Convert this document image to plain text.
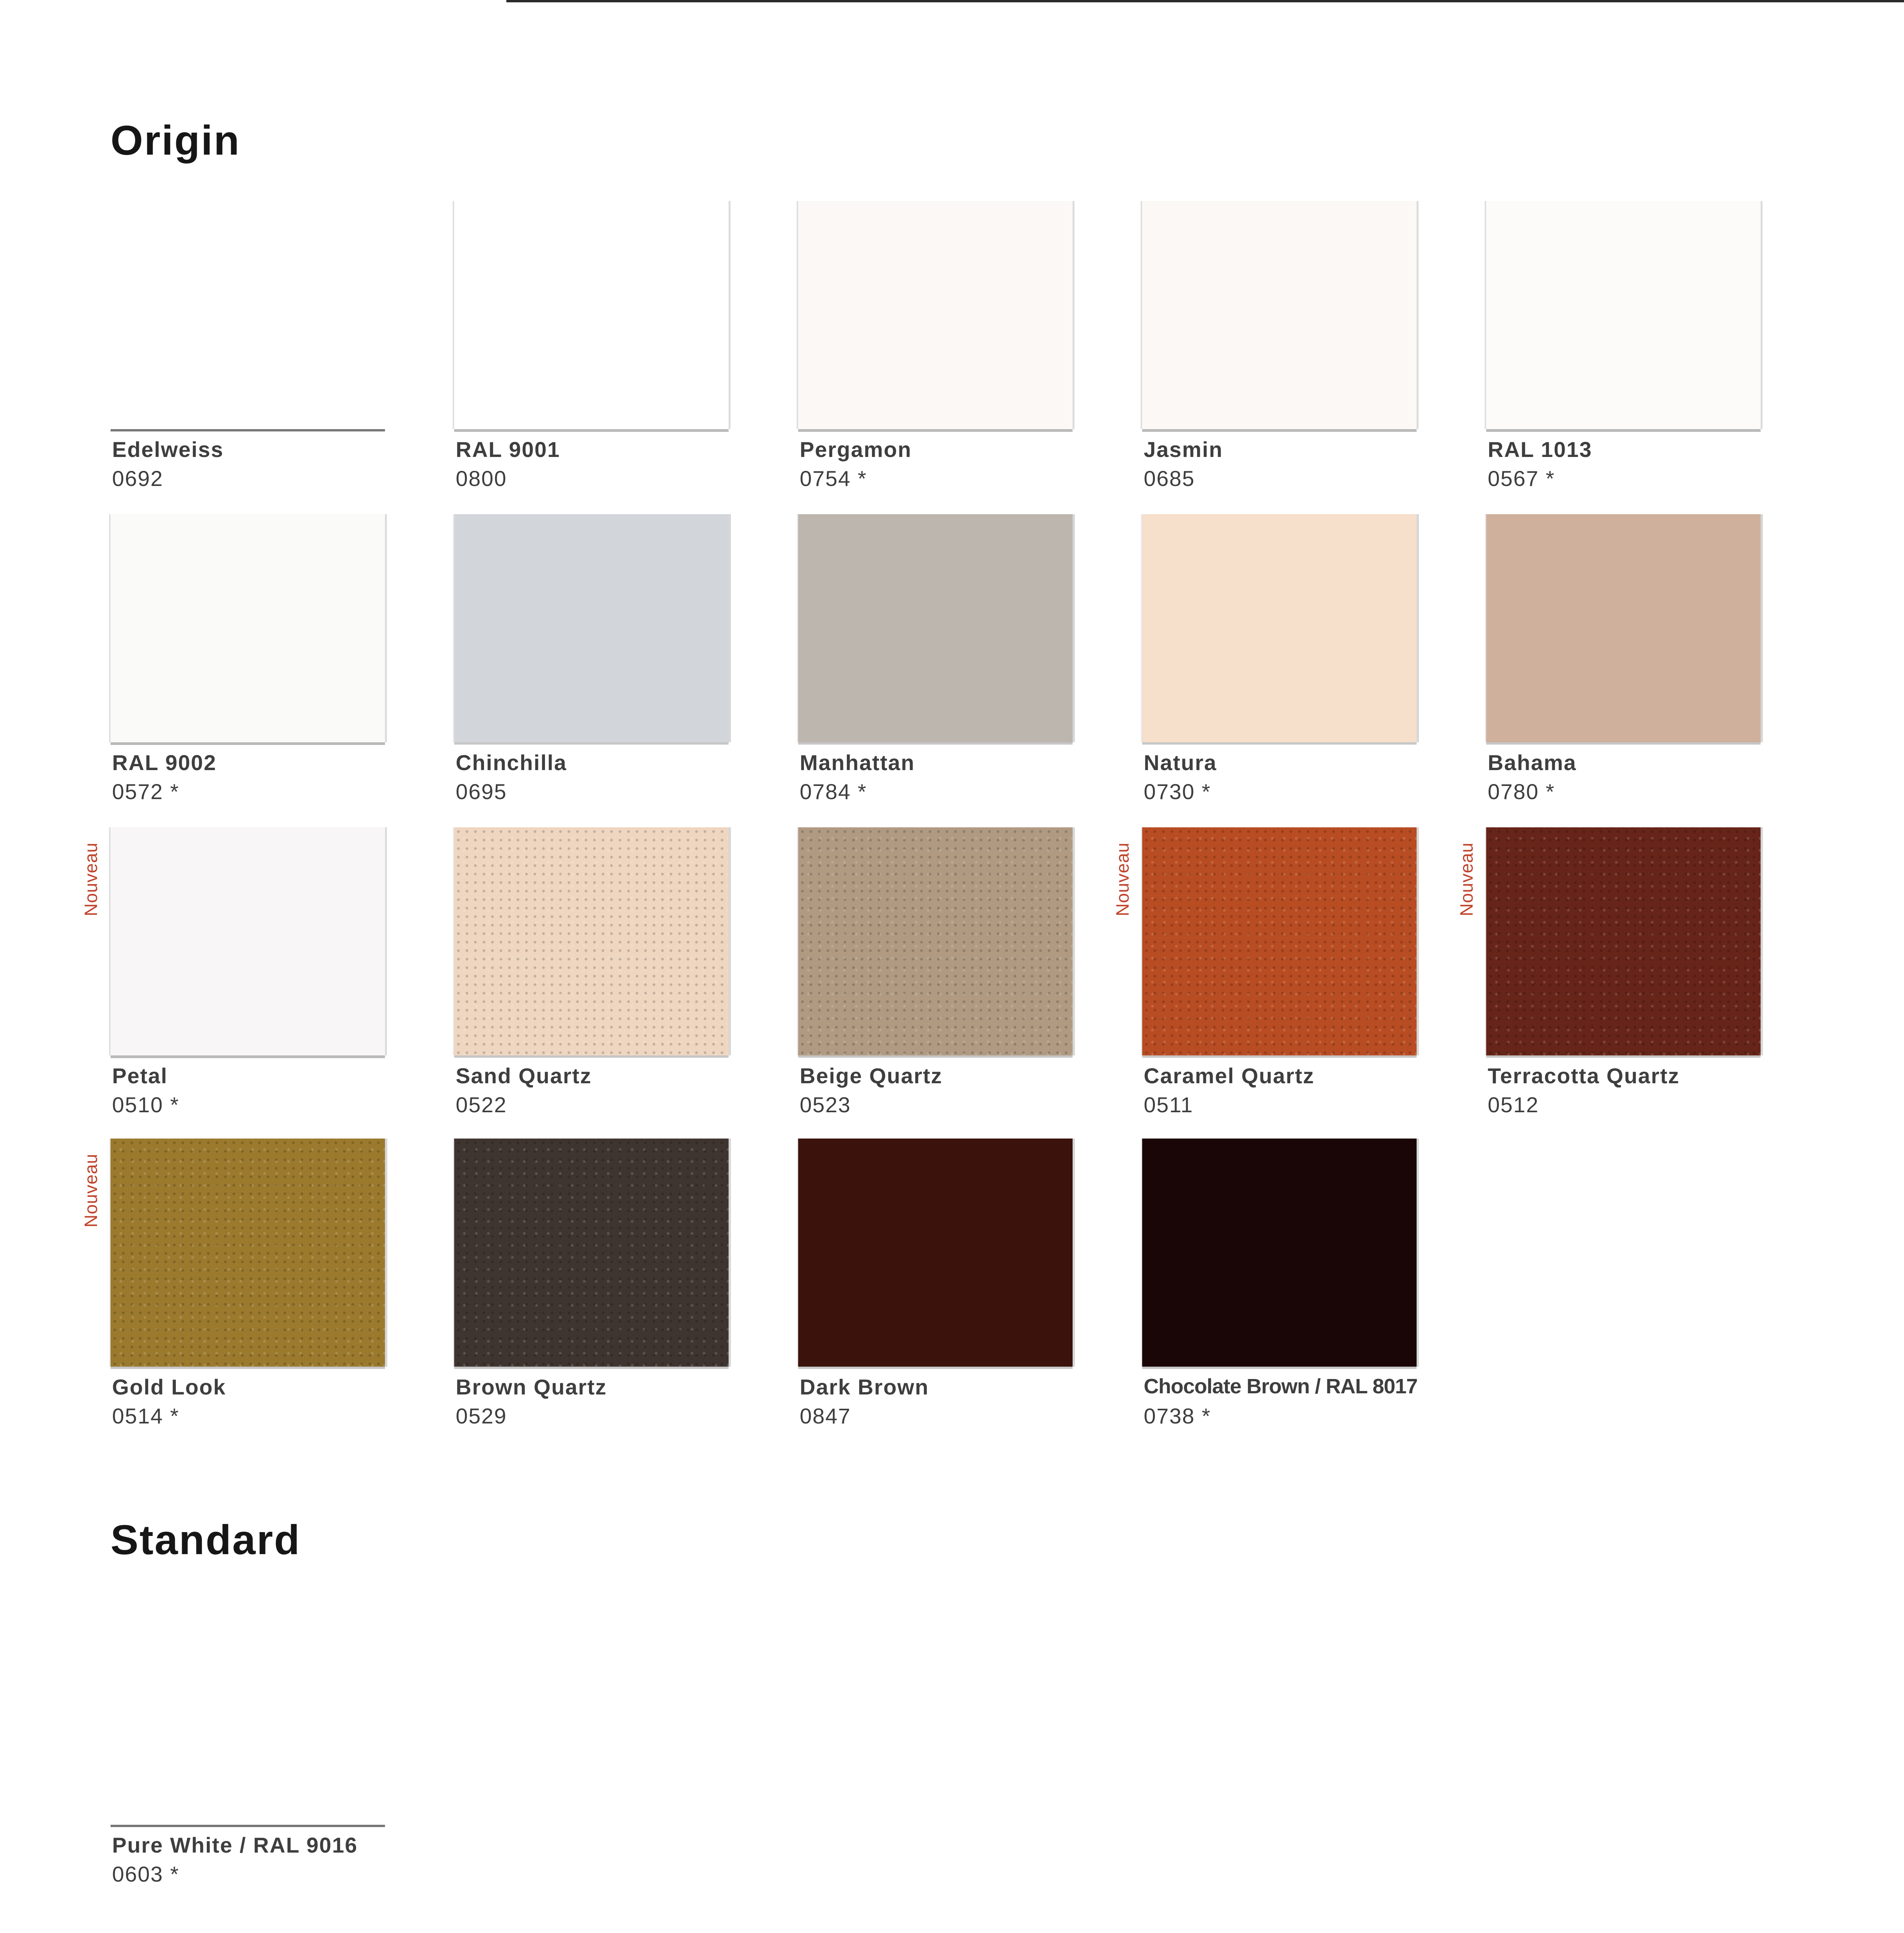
Origin
Edelweiss
0692
RAL 9001
0800
Pergamon
0754 *
Jasmin
0685
RAL 1013
0567 *
RAL 9002
0572 *
Chinchilla
0695
Manhattan
0784 *
Natura
0730 *
Bahama
0780 *
Petal
0510 *
Nouveau
Sand Quartz
0522
Beige Quartz
0523
Caramel Quartz
0511
Nouveau
Terracotta Quartz
0512
Nouveau
Gold Look
0514 *
Nouveau
Brown Quartz
0529
Dark Brown
0847
Chocolate Brown / RAL 8017
0738 *
Standard
Pure White / RAL 9016
0603 *
